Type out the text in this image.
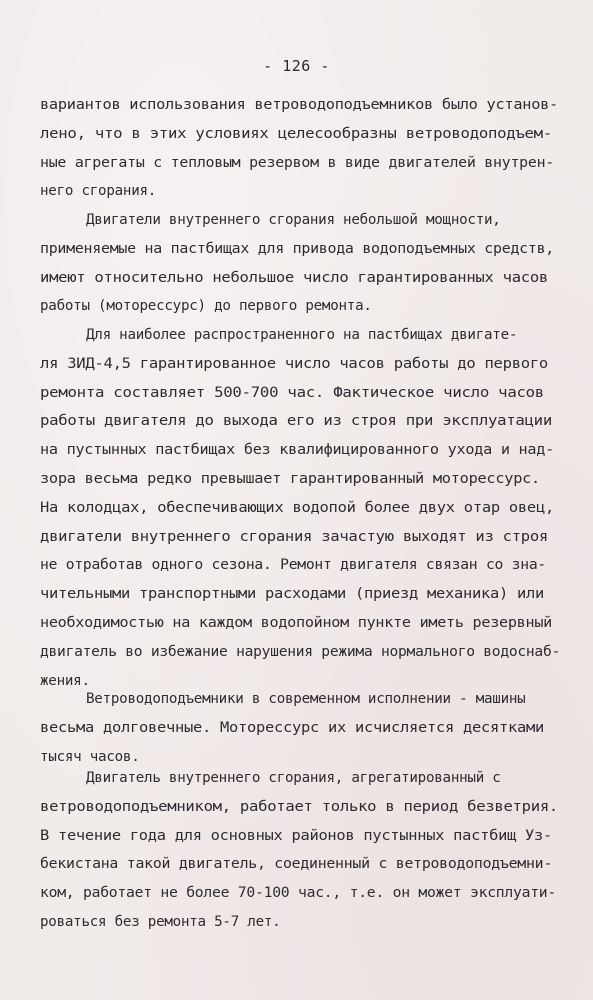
- 126 -
вариантов использования ветроводоподъемников было установ-
лено, что в этих условиях целесообразны ветроводоподъем-
ные агрегаты с тепловым резервом в виде двигателей внутрен-
него сгорания.
Двигатели внутреннего сгорания небольшой мощности,
применяемые на пастбищах для привода водоподъемных средств,
имеют относительно небольшое число гарантированных часов
работы (моторессурс) до первого ремонта.
Для наиболее распространенного на пастбищах двигате-
ля ЗИД-4,5 гарантированное число часов работы до первого
ремонта составляет 500-700 час. Фактическое число часов
работы двигателя до выхода его из строя при эксплуатации
на пустынных пастбищах без квалифицированного ухода и над-
зора весьма редко превышает гарантированный моторессурс.
На колодцах, обеспечивающих водопой более двух отар овец,
двигатели внутреннего сгорания зачастую выходят из строя
не отработав одного сезона. Ремонт двигателя связан со зна-
чительными транспортными расходами (приезд механика) или
необходимостью на каждом водопойном пункте иметь резервный
двигатель во избежание нарушения режима нормального водоснаб-
жения.
Ветроводоподъемники в современном исполнении - машины
весьма долговечные. Моторессурс их исчисляется десятками
тысяч часов.
Двигатель внутреннего сгорания, агрегатированный с
ветроводоподъемником, работает только в период безветрия.
В течение года для основных районов пустынных пастбищ Уз-
бекистана такой двигатель, соединенный с ветроводоподъемни-
ком, работает не более 70-100 час., т.е. он может эксплуати-
роваться без ремонта 5-7 лет.
